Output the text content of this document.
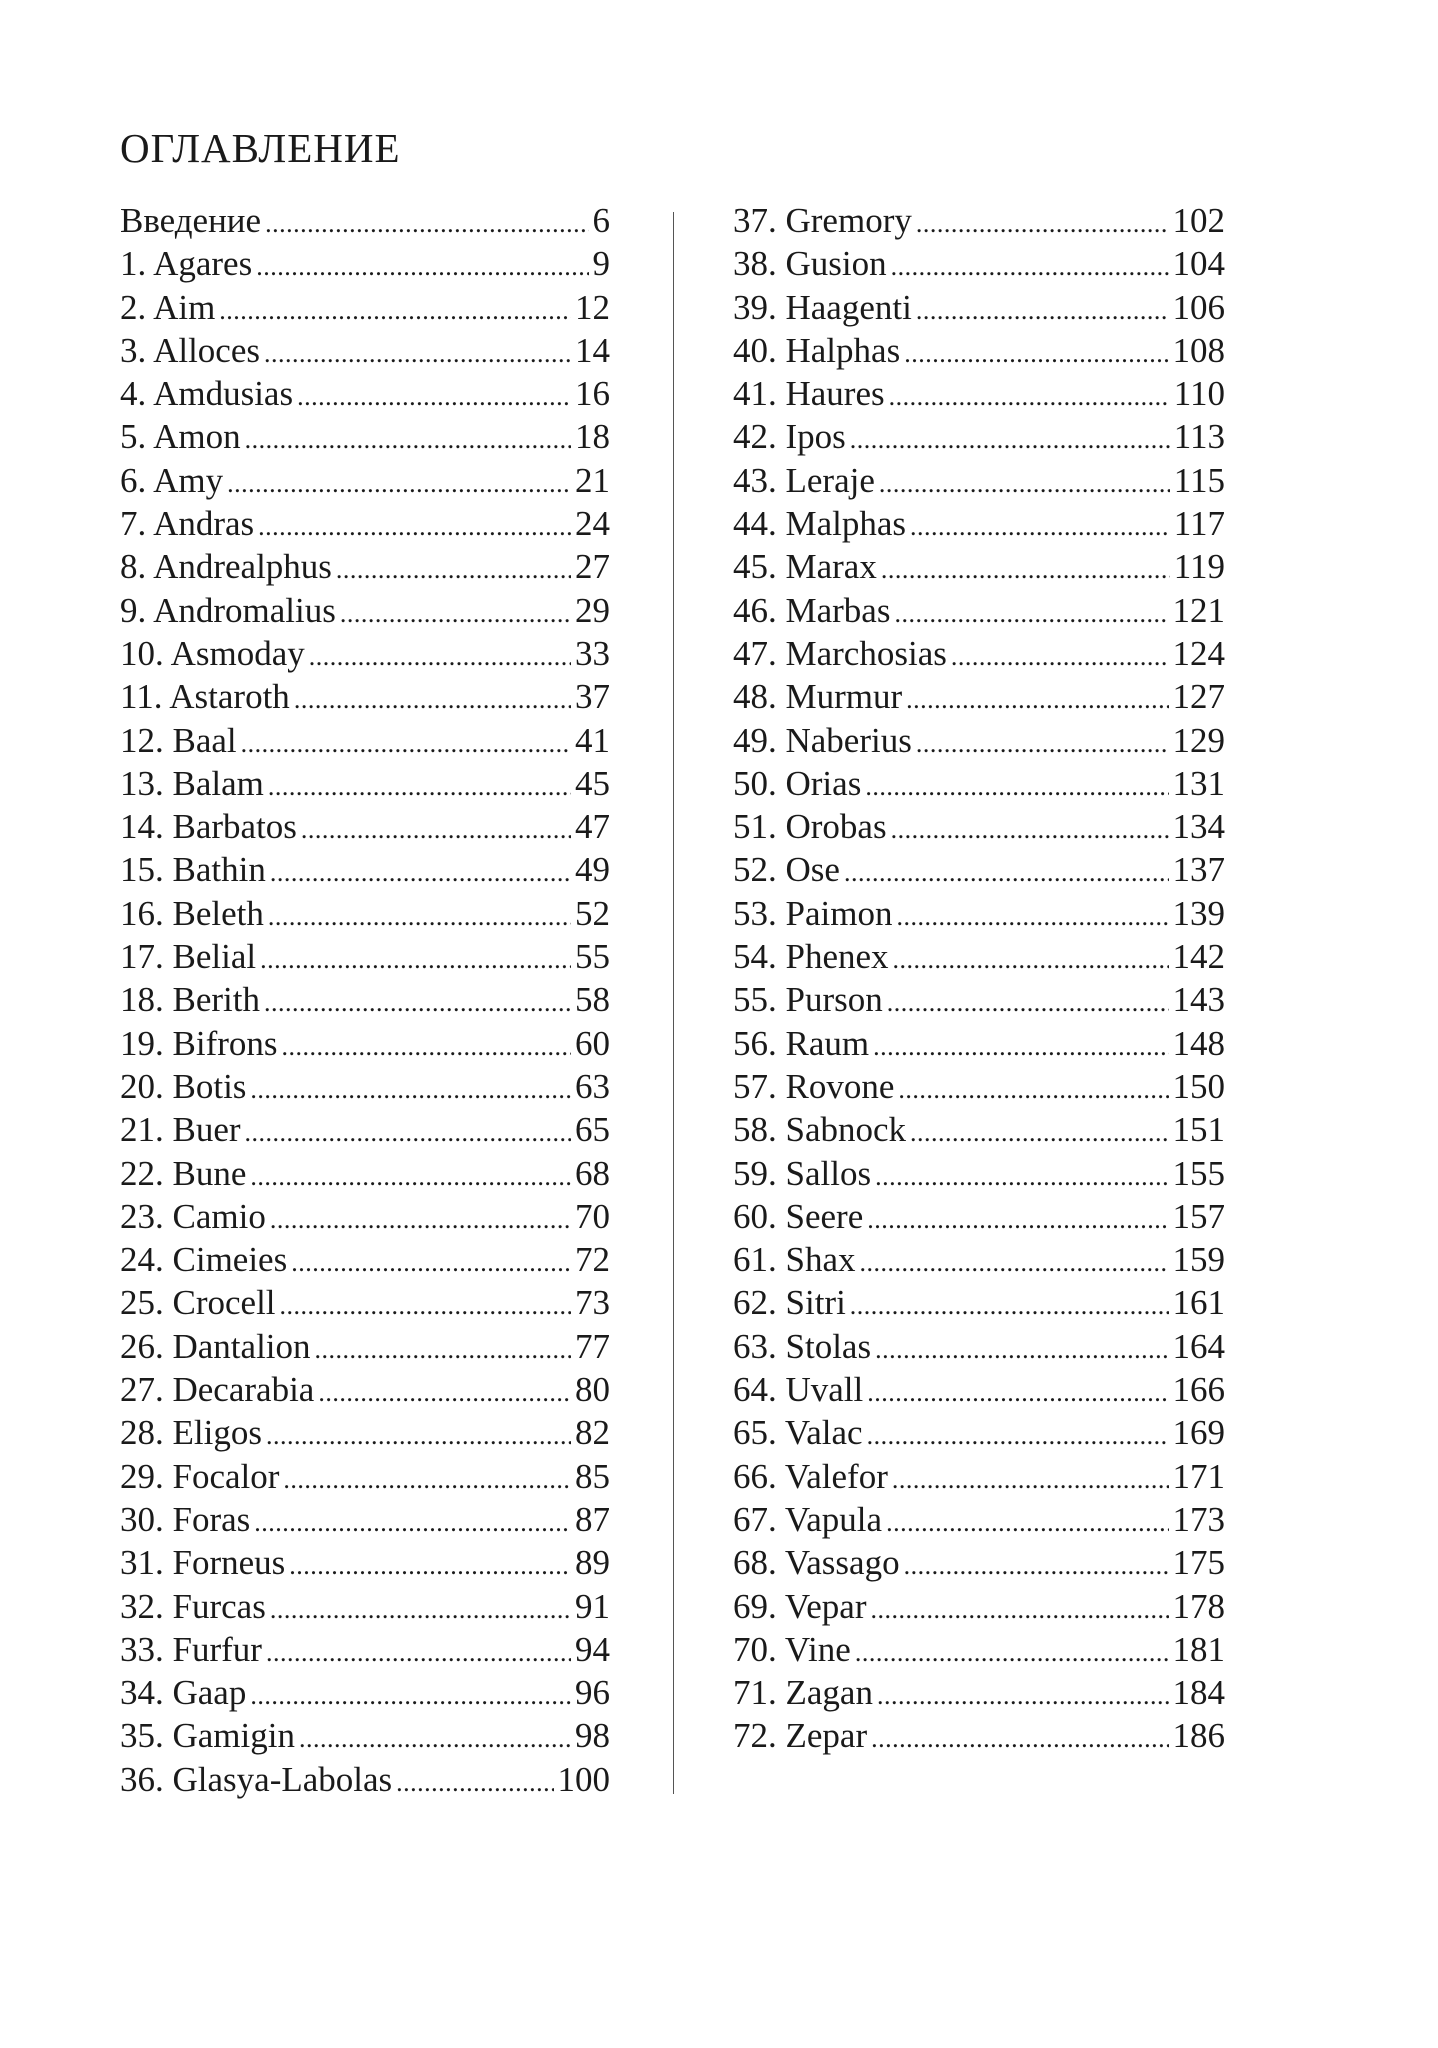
ОГЛАВЛЕНИЕ
Введение .....	6
1. Agares .....	9
2. Aim .....	12
3. Alloces .....	14
4. Amdusias .....	16
5. Amon .....	18
6. Amy .....	21
7. Andras .....	24
8. Andrealphus .....	27
9. Andromalius .....	29
10. Asmoday .....	33
11. Astaroth .....	37
12. Baal .....	41
13. Balam .....	45
14. Barbatos .....	47
15. Bathin .....	49
16. Beleth .....	52
17. Belial .....	55
18. Berith .....	58
19. Bifrons .....	60
20. Botis .....	63
21. Buer .....	65
22. Bune .....	68
23. Camio .....	70
24. Cimeies .....	72
25. Crocell .....	73
26. Dantalion .....	77
27. Decarabia .....	80
28. Eligos .....	82
29. Focalor .....	85
30. Foras .....	87
31. Forneus .....	89
32. Furcas .....	91
33. Furfur .....	94
34. Gaap .....	96
35. Gamigin .....	98
36. Glasya-Labolas .....	100
37. Gremory .....	102
38. Gusion .....	104
39. Haagenti .....	106
40. Halphas .....	108
41. Haures .....	110
42. Ipos .....	113
43. Leraje .....	115
44. Malphas .....	117
45. Marax .....	119
46. Marbas .....	121
47. Marchosias .....	124
48. Murmur .....	127
49. Naberius .....	129
50. Orias .....	131
51. Orobas .....	134
52. Ose .....	137
53. Paimon .....	139
54. Phenex .....	142
55. Purson .....	143
56. Raum .....	148
57. Rovone .....	150
58. Sabnock .....	151
59. Sallos .....	155
60. Seere .....	157
61. Shax .....	159
62. Sitri .....	161
63. Stolas .....	164
64. Uvall .....	166
65. Valac .....	169
66. Valefor .....	171
67. Vapula .....	173
68. Vassago .....	175
69. Vepar .....	178
70. Vine .....	181
71. Zagan .....	184
72. Zepar .....	186
